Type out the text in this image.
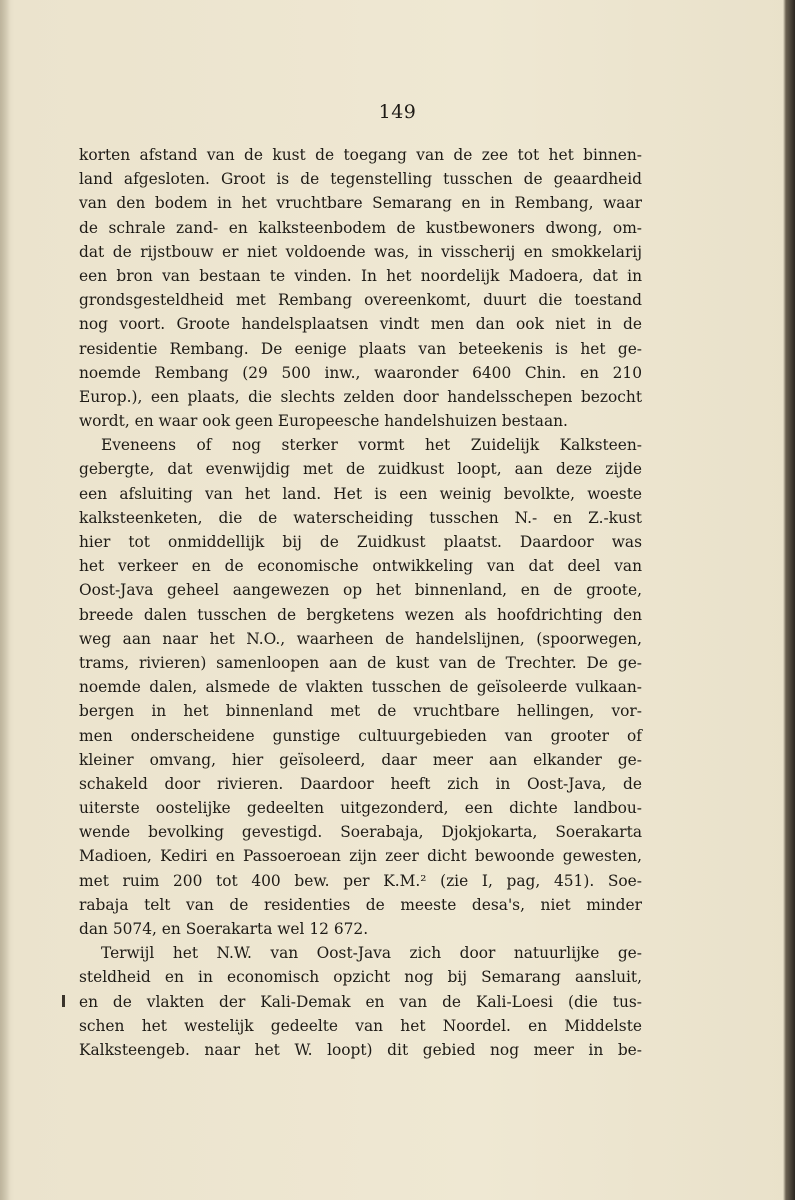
149
korten afstand van de kust de toegang van de zee tot het binnen-
land afgesloten. Groot is de tegenstelling tusschen de geaardheid
van den bodem in het vruchtbare Semarang en in Rembang, waar
de schrale zand- en kalksteenbodem de kustbewoners dwong, om-
dat de rijstbouw er niet voldoende was, in visscherij en smokkelarij
een bron van bestaan te vinden. In het noordelijk Madoera, dat in
grondsgesteldheid met Rembang overeenkomt, duurt die toestand
nog voort. Groote handelsplaatsen vindt men dan ook niet in de
residentie Rembang. De eenige plaats van beteekenis is het ge-
noemde Rembang (29 500 inw., waaronder 6400 Chin. en 210
Europ.), een plaats, die slechts zelden door handelsschepen bezocht
wordt, en waar ook geen Europeesche handelshuizen bestaan.
Eveneens of nog sterker vormt het Zuidelijk Kalksteen-
gebergte, dat evenwijdig met de zuidkust loopt, aan deze zijde
een afsluiting van het land. Het is een weinig bevolkte, woeste
kalksteenketen, die de waterscheiding tusschen N.- en Z.-kust
hier tot onmiddellijk bij de Zuidkust plaatst. Daardoor was
het verkeer en de economische ontwikkeling van dat deel van
Oost-Java geheel aangewezen op het binnenland, en de groote,
breede dalen tusschen de bergketens wezen als hoofdrichting den
weg aan naar het N.O., waarheen de handelslijnen, (spoorwegen,
trams, rivieren) samenloopen aan de kust van de Trechter. De ge-
noemde dalen, alsmede de vlakten tusschen de geïsoleerde vulkaan-
bergen in het binnenland met de vruchtbare hellingen, vor-
men onderscheidene gunstige cultuurgebieden van grooter of
kleiner omvang, hier geïsoleerd, daar meer aan elkander ge-
schakeld door rivieren. Daardoor heeft zich in Oost-Java, de
uiterste oostelijke gedeelten uitgezonderd, een dichte landbou-
wende bevolking gevestigd. Soerabaja, Djokjokarta, Soerakarta
Madioen, Kediri en Passoeroean zijn zeer dicht bewoonde gewesten,
met ruim 200 tot 400 bew. per K.M.² (zie I, pag, 451). Soe-
rabaja telt van de residenties de meeste desa's, niet minder
dan 5074, en Soerakarta wel 12 672.
Terwijl het N.W. van Oost-Java zich door natuurlijke ge-
steldheid en in economisch opzicht nog bij Semarang aansluit,
en de vlakten der Kali-Demak en van de Kali-Loesi (die tus-
schen het westelijk gedeelte van het Noordel. en Middelste
Kalksteengeb. naar het W. loopt) dit gebied nog meer in be-
